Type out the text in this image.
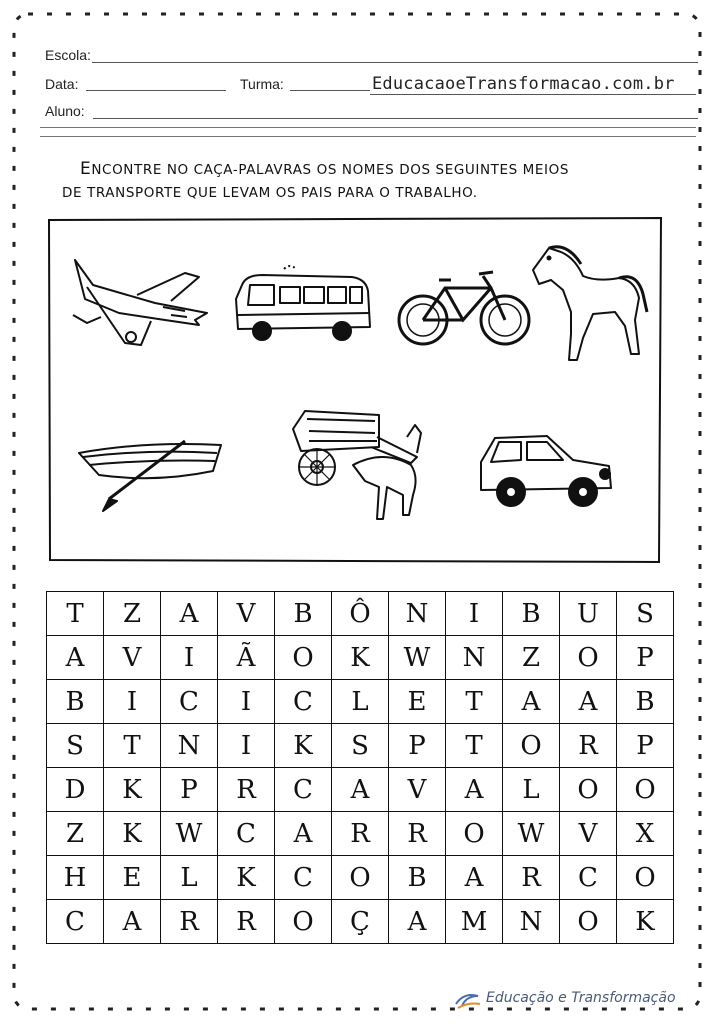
Escola:
Data:	Turma:	EducacaoeTransformacao.com.br
Aluno:
ENCONTRE NO CAÇA-PALAVRAS OS NOMES DOS SEGUINTES MEIOS
DE TRANSPORTE QUE LEVAM OS PAIS PARA O TRABALHO.
T	Z	A	V	B	Ô	N	I	B	U	S
A	V	I	Ã	O	K	W	N	Z	O	P
B	I	C	I	C	L	E	T	A	A	B
S	T	N	I	K	S	P	T	O	R	P
D	K	P	R	C	A	V	A	L	O	O
Z	K	W	C	A	R	R	O	W	V	X
H	E	L	K	C	O	B	A	R	C	O
C	A	R	R	O	Ç	A	M	N	O	K
Educação e Transformação
